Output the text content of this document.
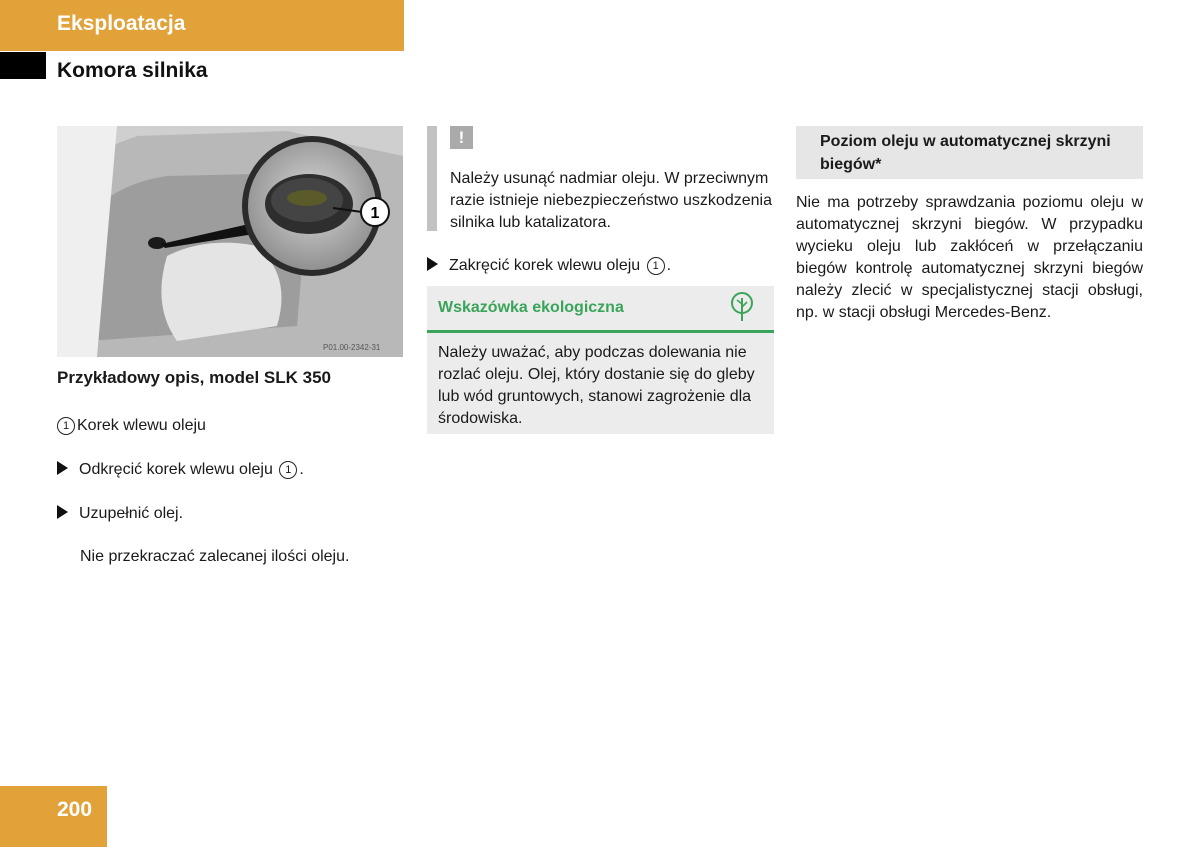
Eksploatacja
Komora silnika
1
P01.00-2342-31
Przykładowy opis, model SLK 350
1 Korek wlewu oleju
Odkręcić korek wlewu oleju 1 .
Uzupełnić olej.
Nie przekraczać zalecanej ilości oleju.
!
Należy usunąć nadmiar oleju. W przeciwnym razie istnieje niebezpieczeństwo uszkodzenia silnika lub katalizatora.
Zakręcić korek wlewu oleju 1 .
Wskazówka ekologiczna
Należy uważać, aby podczas dolewania nie rozlać oleju. Olej, który dostanie się do gleby lub wód gruntowych, stanowi zagrożenie dla środowiska.
Poziom oleju w automatycznej skrzyni biegów*
Nie ma potrzeby sprawdzania poziomu oleju w automatycznej skrzyni biegów. W przypadku wycieku oleju lub zakłóceń w przełączaniu biegów kontrolę automatycznej skrzyni biegów należy zlecić w specjalistycznej stacji obsługi, np. w stacji obsługi Mercedes-Benz.
200
